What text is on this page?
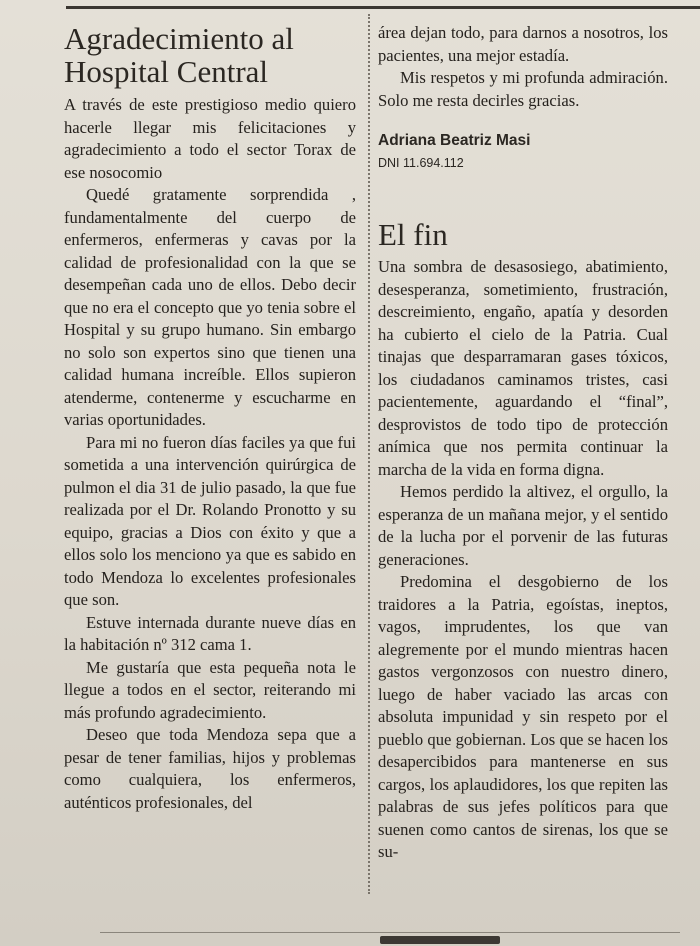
Agradecimiento al
Hospital Central

A través de este prestigioso medio quiero hacerle llegar mis felicitaciones y agradecimiento a todo el sector Torax de ese nosocomio

Quedé gratamente sorprendida , fundamentalmente del cuerpo de enfermeros, enfermeras y cavas por la calidad de profesionalidad con la que se desempeñan cada uno de ellos. Debo decir que no era el concepto que yo tenia sobre el Hospital y su grupo humano. Sin embargo no solo son expertos sino que tienen una calidad humana increíble. Ellos supieron atenderme, contenerme y escucharme en varias oportunidades.

Para mi no fueron días faciles ya que fui sometida a una intervención quirúrgica de pulmon el dia 31 de julio pasado, la que fue realizada por el Dr. Rolando Pronotto y su equipo, gracias a Dios con éxito y que a ellos solo los menciono ya que es sabido en todo Mendoza lo excelentes profesionales que son.

Estuve internada durante nueve días en la habitación nº 312 cama 1.

Me gustaría que esta pequeña nota le llegue a todos en el sector, reiterando mi más profundo agradecimiento.

Deseo que toda Mendoza sepa que a pesar de tener familias, hijos y problemas como cualquiera, los enfermeros, auténticos profesionales, del

área dejan todo, para darnos a nosotros, los pacientes, una mejor estadía.

Mis respetos y mi profunda admiración. Solo me resta decirles gracias.

Adriana Beatriz Masi
DNI 11.694.112
El fin

Una sombra de desasosiego, abatimiento, desesperanza, sometimiento, frustración, descreimiento, engaño, apatía y desorden ha cubierto el cielo de la Patria. Cual tinajas que desparramaran gases tóxicos, los ciudadanos caminamos tristes, casi pacientemente, aguardando el “final”, desprovistos de todo tipo de protección anímica que nos permita continuar la marcha de la vida en forma digna.

Hemos perdido la altivez, el orgullo, la esperanza de un mañana mejor, y el sentido de la lucha por el porvenir de las futuras generaciones.

Predomina el desgobierno de los traidores a la Patria, egoístas, ineptos, vagos, imprudentes, los que van alegremente por el mundo mientras hacen gastos vergonzosos con nuestro dinero, luego de haber vaciado las arcas con absoluta impunidad y sin respeto por el pueblo que gobiernan. Los que se hacen los desapercibidos para mantenerse en sus cargos, los aplaudidores, los que repiten las palabras de sus jefes políticos para que suenen como cantos de sirenas, los que se su-
